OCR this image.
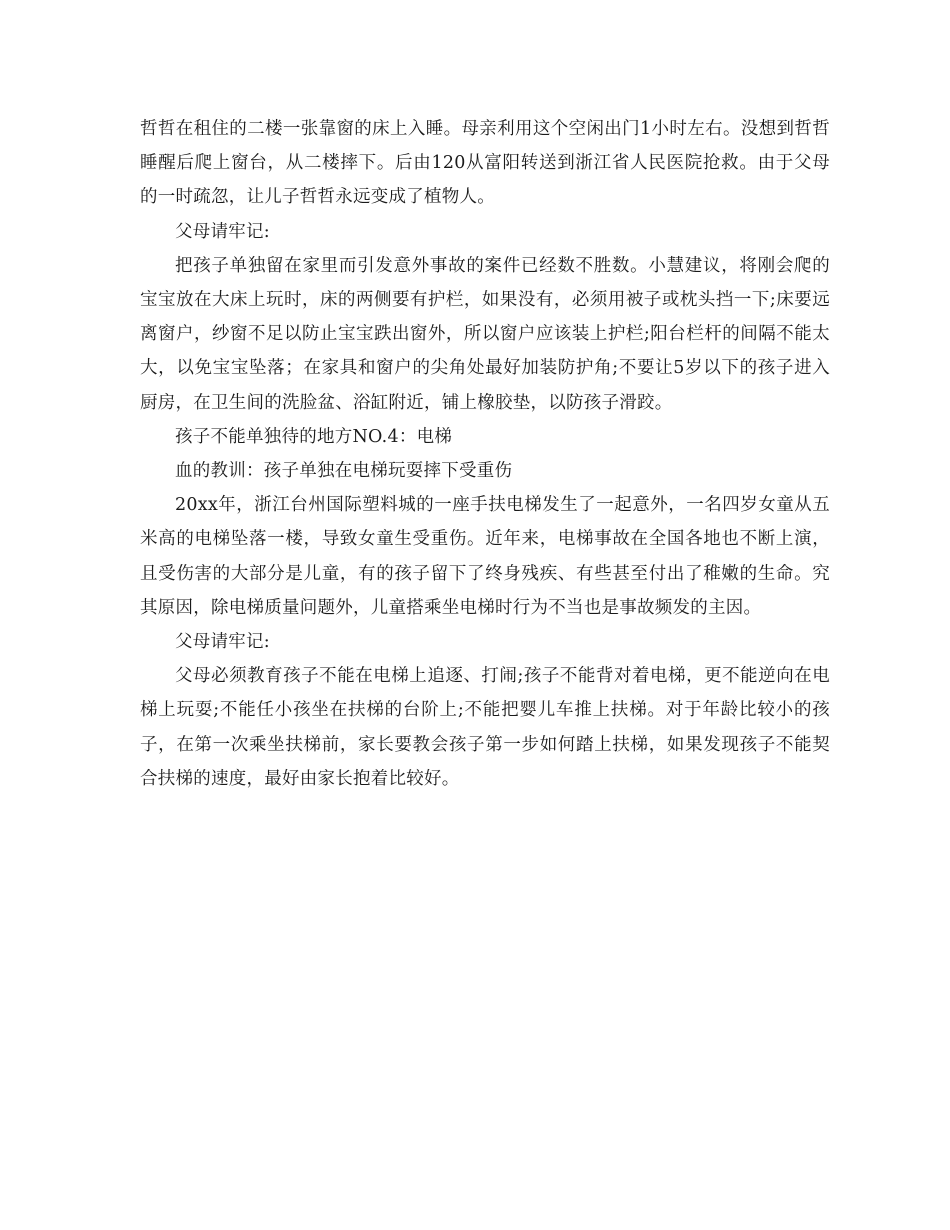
哲哲在租住的二楼一张靠窗的床上入睡。母亲利用这个空闲出门1小时左右。没想到哲哲睡醒后爬上窗台，从二楼摔下。后由120从富阳转送到浙江省人民医院抢救。由于父母的一时疏忽，让儿子哲哲永远变成了植物人。

父母请牢记:

把孩子单独留在家里而引发意外事故的案件已经数不胜数。小慧建议，将刚会爬的宝宝放在大床上玩时，床的两侧要有护栏，如果没有，必须用被子或枕头挡一下;床要远离窗户，纱窗不足以防止宝宝跌出窗外，所以窗户应该装上护栏;阳台栏杆的间隔不能太大，以免宝宝坠落；在家具和窗户的尖角处最好加装防护角;不要让5岁以下的孩子进入厨房，在卫生间的洗脸盆、浴缸附近，铺上橡胶垫，以防孩子滑跤。

孩子不能单独待的地方NO.4：电梯

血的教训：孩子单独在电梯玩耍摔下受重伤

20xx年，浙江台州国际塑料城的一座手扶电梯发生了一起意外，一名四岁女童从五米高的电梯坠落一楼，导致女童生受重伤。近年来，电梯事故在全国各地也不断上演，且受伤害的大部分是儿童，有的孩子留下了终身残疾、有些甚至付出了稚嫩的生命。究其原因，除电梯质量问题外，儿童搭乘坐电梯时行为不当也是事故频发的主因。

父母请牢记:

父母必须教育孩子不能在电梯上追逐、打闹;孩子不能背对着电梯，更不能逆向在电梯上玩耍;不能任小孩坐在扶梯的台阶上;不能把婴儿车推上扶梯。对于年龄比较小的孩子，在第一次乘坐扶梯前，家长要教会孩子第一步如何踏上扶梯，如果发现孩子不能契合扶梯的速度，最好由家长抱着比较好。
